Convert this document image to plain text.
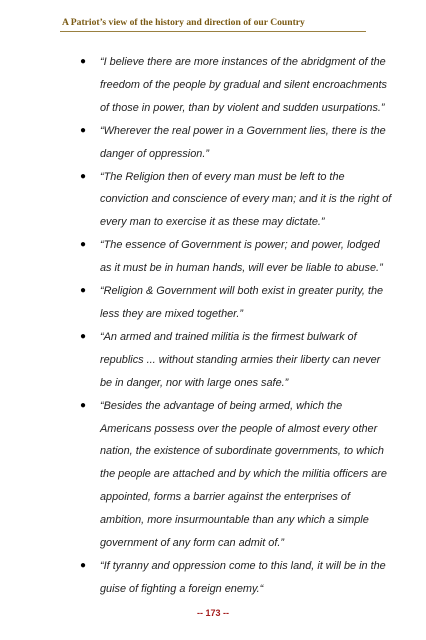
A Patriot’s view of the history and direction of our Country
● “I believe there are more instances of the abridgment of the freedom of the people by gradual and silent encroachments of those in power, than by violent and sudden usurpations.”
● “Wherever the real power in a Government lies, there is the danger of oppression.”
● “The Religion then of every man must be left to the conviction and conscience of every man; and it is the right of every man to exercise it as these may dictate.”
● “The essence of Government is power; and power, lodged as it must be in human hands, will ever be liable to abuse.”
● “Religion & Government will both exist in greater purity, the less they are mixed together.”
● “An armed and trained militia is the firmest bulwark of republics ... without standing armies their liberty can never be in danger, nor with large ones safe.”
● “Besides the advantage of being armed, which the Americans possess over the people of almost every other nation, the existence of subordinate governments, to which the people are attached and by which the militia officers are appointed, forms a barrier against the enterprises of ambition, more insurmountable than any which a simple government of any form can admit of.”
● “If tyranny and oppression come to this land, it will be in the guise of fighting a foreign enemy.“
-- 173 --
